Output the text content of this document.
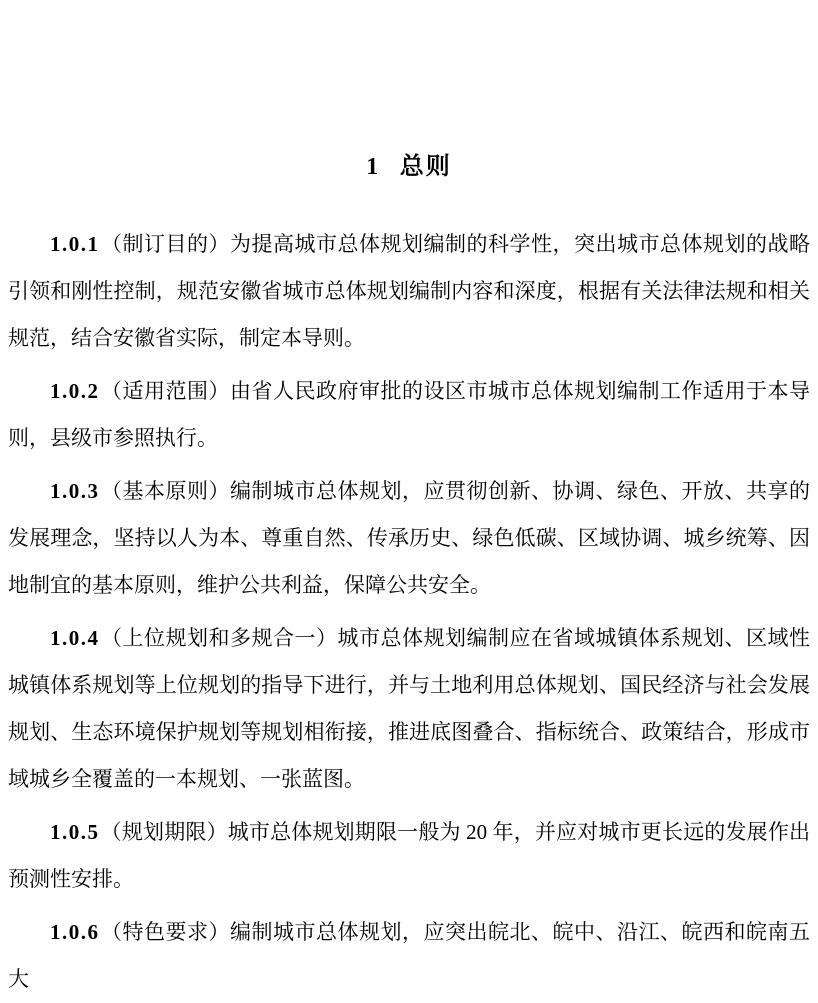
1 总则

1.0.1（制订目的）为提高城市总体规划编制的科学性，突出城市总体规划的战略引领和刚性控制，规范安徽省城市总体规划编制内容和深度，根据有关法律法规和相关规范，结合安徽省实际，制定本导则。

1.0.2（适用范围）由省人民政府审批的设区市城市总体规划编制工作适用于本导则，县级市参照执行。

1.0.3（基本原则）编制城市总体规划，应贯彻创新、协调、绿色、开放、共享的发展理念，坚持以人为本、尊重自然、传承历史、绿色低碳、区域协调、城乡统筹、因地制宜的基本原则，维护公共利益，保障公共安全。

1.0.4（上位规划和多规合一）城市总体规划编制应在省域城镇体系规划、区域性城镇体系规划等上位规划的指导下进行，并与土地利用总体规划、国民经济与社会发展规划、生态环境保护规划等规划相衔接，推进底图叠合、指标统合、政策结合，形成市域城乡全覆盖的一本规划、一张蓝图。

1.0.5（规划期限）城市总体规划期限一般为 20 年，并应对城市更长远的发展作出预测性安排。

1.0.6（特色要求）编制城市总体规划，应突出皖北、皖中、沿江、皖西和皖南五大
